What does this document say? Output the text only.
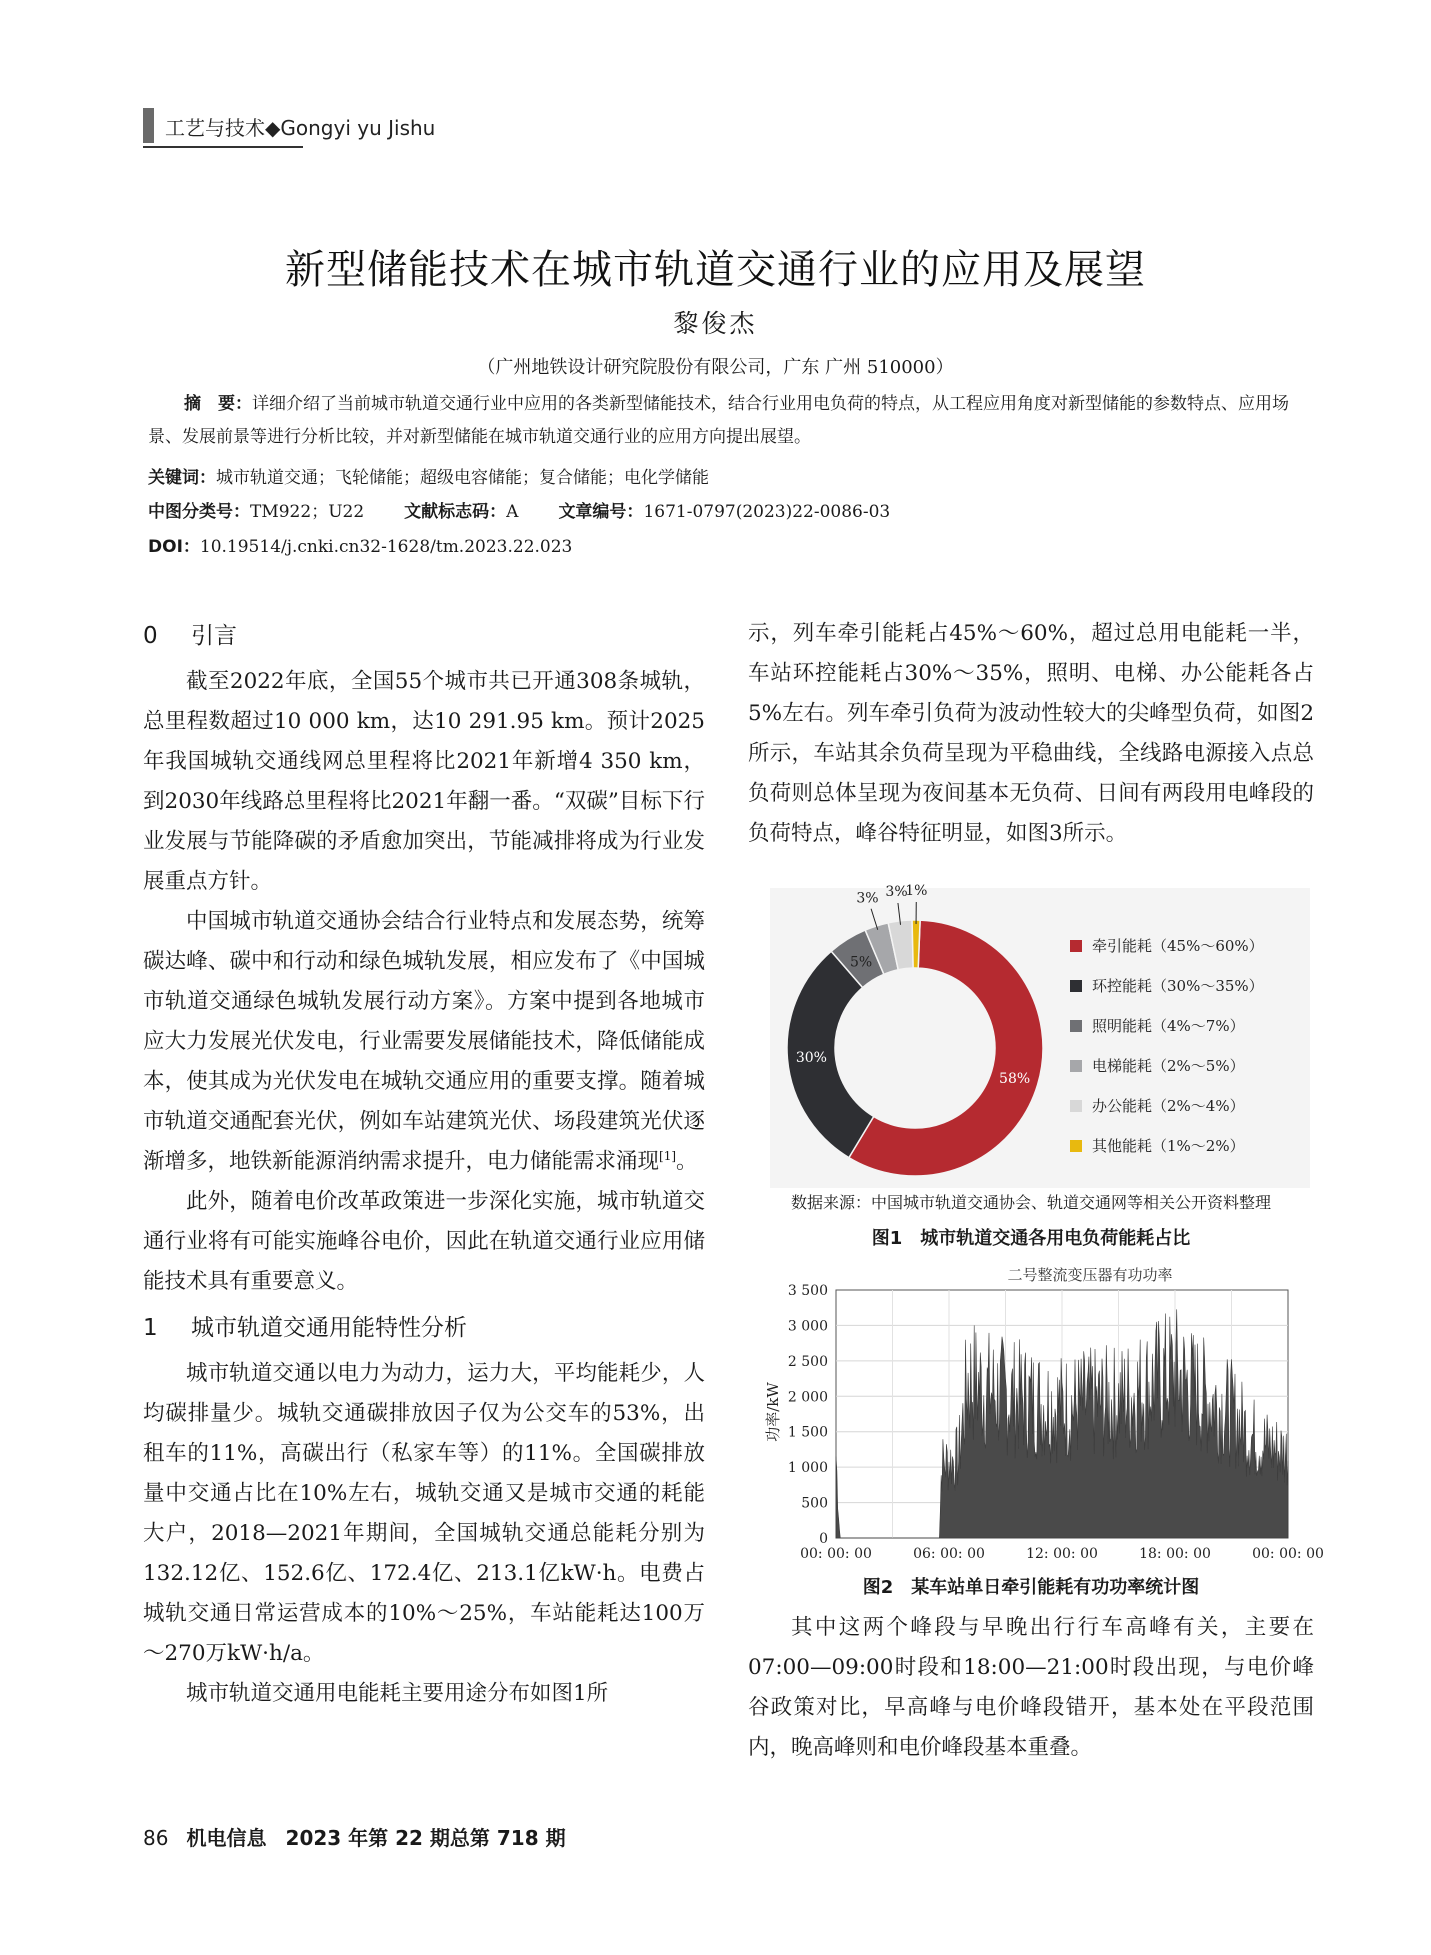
工艺与技术◆Gongyi yu Jishu
新型储能技术在城市轨道交通行业的应用及展望
黎俊杰
（广州地铁设计研究院股份有限公司，广东 广州 510000）
摘　要：详细介绍了当前城市轨道交通行业中应用的各类新型储能技术，结合行业用电负荷的特点，从工程应用角度对新型储能的参数特点、应用场景、发展前景等进行分析比较，并对新型储能在城市轨道交通行业的应用方向提出展望。
关键词：城市轨道交通；飞轮储能；超级电容储能；复合储能；电化学储能
中图分类号：TM922；U22 文献标志码：A 文章编号：1671-0797(2023)22-0086-03
DOI：10.19514/j.cnki.cn32-1628/tm.2023.22.023
0 引言

截至2022年底，全国55个城市共已开通308条城轨，总里程数超过10 000 km，达10 291.95 km。预计2025年我国城轨交通线网总里程将比2021年新增4 350 km，到2030年线路总里程将比2021年翻一番。“双碳”目标下行业发展与节能降碳的矛盾愈加突出，节能减排将成为行业发展重点方针。

中国城市轨道交通协会结合行业特点和发展态势，统筹碳达峰、碳中和行动和绿色城轨发展，相应发布了《中国城市轨道交通绿色城轨发展行动方案》。方案中提到各地城市应大力发展光伏发电，行业需要发展储能技术，降低储能成本，使其成为光伏发电在城轨交通应用的重要支撑。随着城市轨道交通配套光伏，例如车站建筑光伏、场段建筑光伏逐渐增多，地铁新能源消纳需求提升，电力储能需求涌现[1]。

此外，随着电价改革政策进一步深化实施，城市轨道交通行业将有可能实施峰谷电价，因此在轨道交通行业应用储能技术具有重要意义。

1 城市轨道交通用能特性分析

城市轨道交通以电力为动力，运力大，平均能耗少，人均碳排量少。城轨交通碳排放因子仅为公交车的53%，出租车的11%，高碳出行（私家车等）的11%。全国碳排放量中交通占比在10%左右，城轨交通又是城市交通的耗能大户，2018—2021年期间，全国城轨交通总能耗分别为132.12亿、152.6亿、172.4亿、213.1亿kW·h。电费占城轨交通日常运营成本的10%～25%，车站能耗达100万～270万kW·h/a。

城市轨道交通用电能耗主要用途分布如图1所

示，列车牵引能耗占45%～60%，超过总用电能耗一半，车站环控能耗占30%～35%，照明、电梯、办公能耗各占5%左右。列车牵引负荷为波动性较大的尖峰型负荷，如图2所示，车站其余负荷呈现为平稳曲线，全线路电源接入点总负荷则总体呈现为夜间基本无负荷、日间有两段用电峰段的负荷特点，峰谷特征明显，如图3所示。

58%
30%
5%
3% 3%
1%
牵引能耗（45%～60%）
环控能耗（30%～35%）
照明能耗（4%～7%）
电梯能耗（2%～5%）
办公能耗（2%～4%）
其他能耗（1%～2%）
数据来源：中国城市轨道交通协会、轨道交通网等相关公开资料整理
图1　城市轨道交通各用电负荷能耗占比
二号整流变压器有功功率
0
500
1 000
1 500
2 000
2 500
3 000
3 500
00: 00: 00	06: 00: 00	12: 00: 00	18: 00: 00	00: 00: 00
功率/kW
图2　某车站单日牵引能耗有功功率统计图

其中这两个峰段与早晚出行行车高峰有关，主要在07:00—09:00时段和18:00—21:00时段出现，与电价峰谷政策对比，早高峰与电价峰段错开，基本处在平段范围内，晚高峰则和电价峰段基本重叠。

86 机电信息 2023 年第 22 期总第 718 期
